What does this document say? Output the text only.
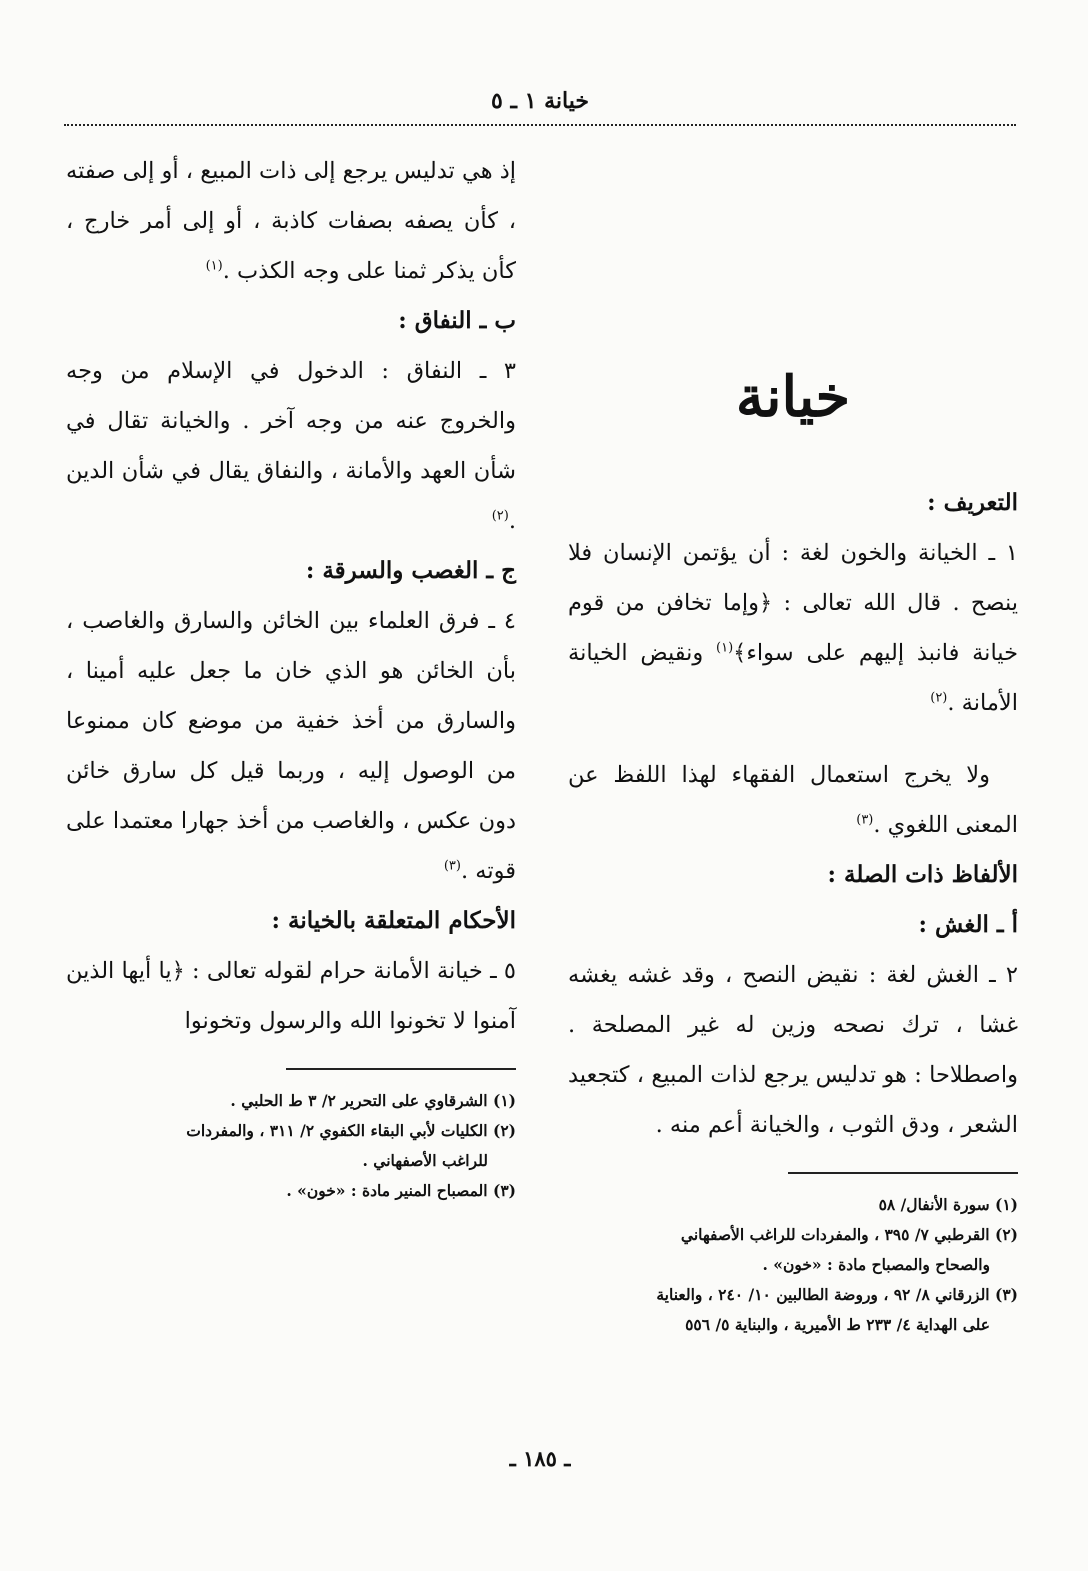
خيانة ١ ـ ٥
خيانة

التعريف :

١ ـ الخيانة والخون لغة : أن يؤتمن الإنسان فلا ينصح . قال الله تعالى : ﴿وإما تخافن من قوم خيانة فانبذ إليهم على سواء﴾$^{(١)}$ ونقيض الخيانة الأمانة .$^{(٢)}$

ولا يخرج استعمال الفقهاء لهذا اللفظ عن المعنى اللغوي .$^{(٣)}$

الألفاظ ذات الصلة :

أ ـ الغش :

٢ ـ الغش لغة : نقيض النصح ، وقد غشه يغشه غشا ، ترك نصحه وزين له غير المصلحة . واصطلاحا : هو تدليس يرجع لذات المبيع ، كتجعيد الشعر ، ودق الثوب ، والخيانة أعم منه .

(١) سورة الأنفال/ ٥٨

(٢) القرطبي ٧/ ٣٩٥ ، والمفردات للراغب الأصفهاني

والصحاح والمصباح مادة : «خون» .

(٣) الزرقاني ٨/ ٩٢ ، وروضة الطالبين ١٠/ ٢٤٠ ، والعناية

على الهداية ٤/ ٢٣٣ ط الأميرية ، والبناية ٥/ ٥٥٦

إذ هي تدليس يرجع إلى ذات المبيع ، أو إلى صفته ، كأن يصفه بصفات كاذبة ، أو إلى أمر خارج ، كأن يذكر ثمنا على وجه الكذب .$^{(١)}$

ب ـ النفاق :

٣ ـ النفاق : الدخول في الإسلام من وجه والخروج عنه من وجه آخر . والخيانة تقال في شأن العهد والأمانة ، والنفاق يقال في شأن الدين .$^{(٢)}$

ج ـ الغصب والسرقة :

٤ ـ فرق العلماء بين الخائن والسارق والغاصب ، بأن الخائن هو الذي خان ما جعل عليه أمينا ، والسارق من أخذ خفية من موضع كان ممنوعا من الوصول إليه ، وربما قيل كل سارق خائن دون عكس ، والغاصب من أخذ جهارا معتمدا على قوته .$^{(٣)}$

الأحكام المتعلقة بالخيانة :

٥ ـ خيانة الأمانة حرام لقوله تعالى : ﴿يا أيها الذين آمنوا لا تخونوا الله والرسول وتخونوا

(١) الشرقاوي على التحرير ٢/ ٣ ط الحلبي .

(٢) الكليات لأبي البقاء الكفوي ٢/ ٣١١ ، والمفردات

للراغب الأصفهاني .

(٣) المصباح المنير مادة : «خون» .

ـ ١٨٥ ـ
